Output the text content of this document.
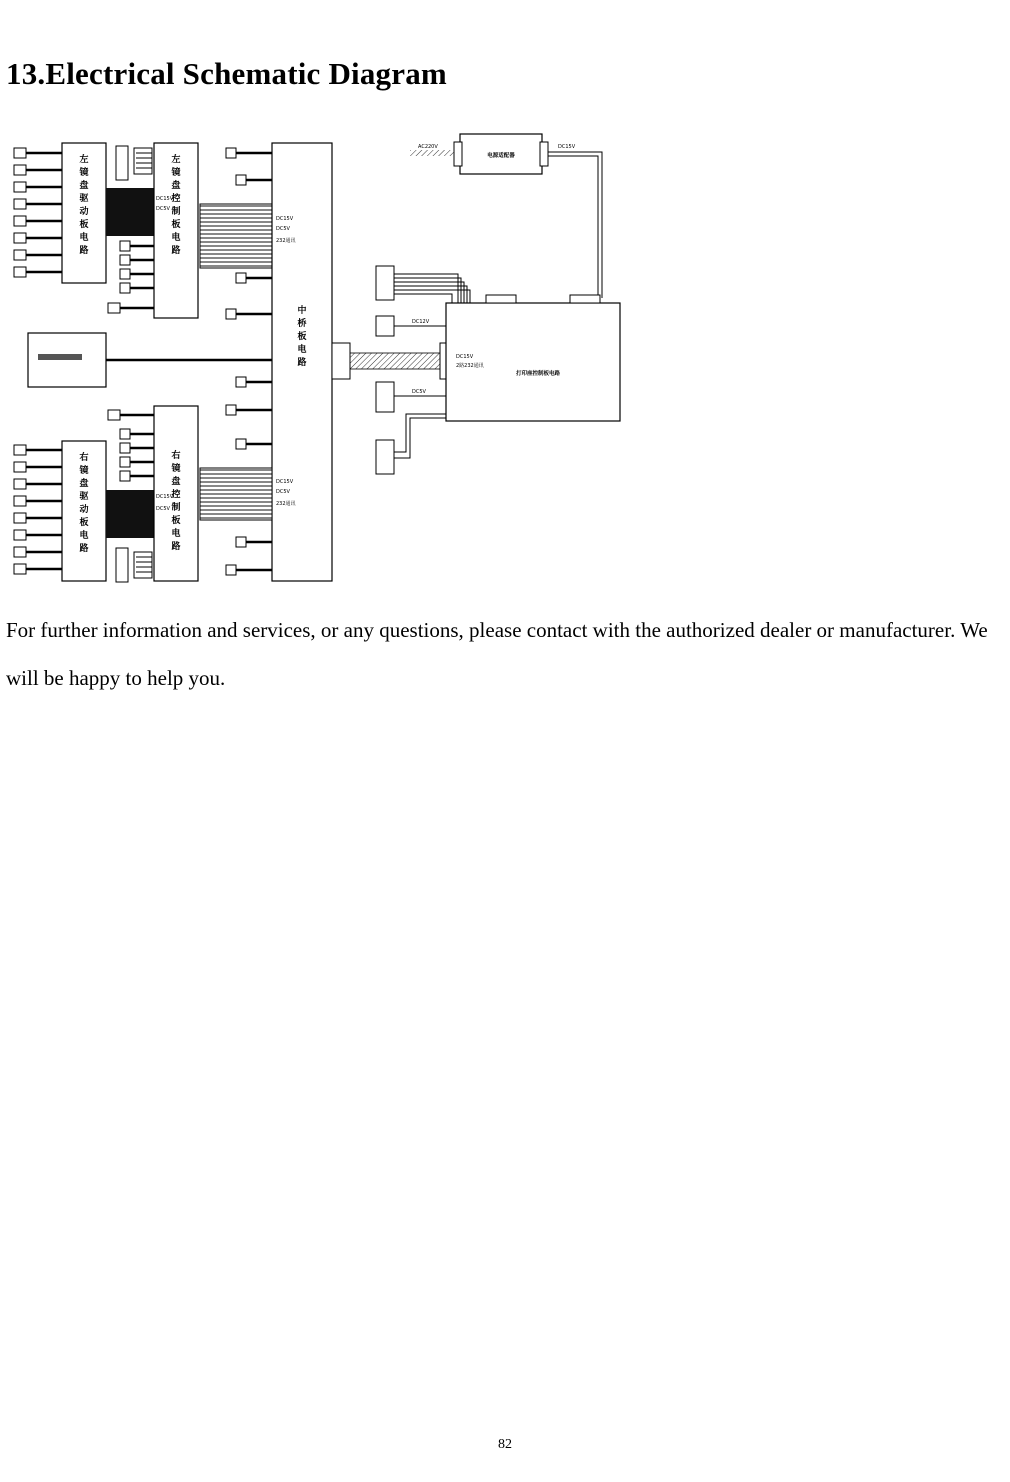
13.Electrical Schematic Diagram
左镜盘驱动板电路
左镜盘控制板电路
DC15V
DC5V
中桥板电路
DC15V
DC5V
232通讯
DC15V
DC5V
232通讯
电源适配器
AC220V	DC15V
打印座控制板电路
DC15V
2路232通讯
DC12V
DC5V
右镜盘驱动板电路
右镜盘控制板电路
DC15V
DC5V

For further information and services, or any questions, please contact with the authorized dealer or manufacturer. We will be happy to help you.

82
